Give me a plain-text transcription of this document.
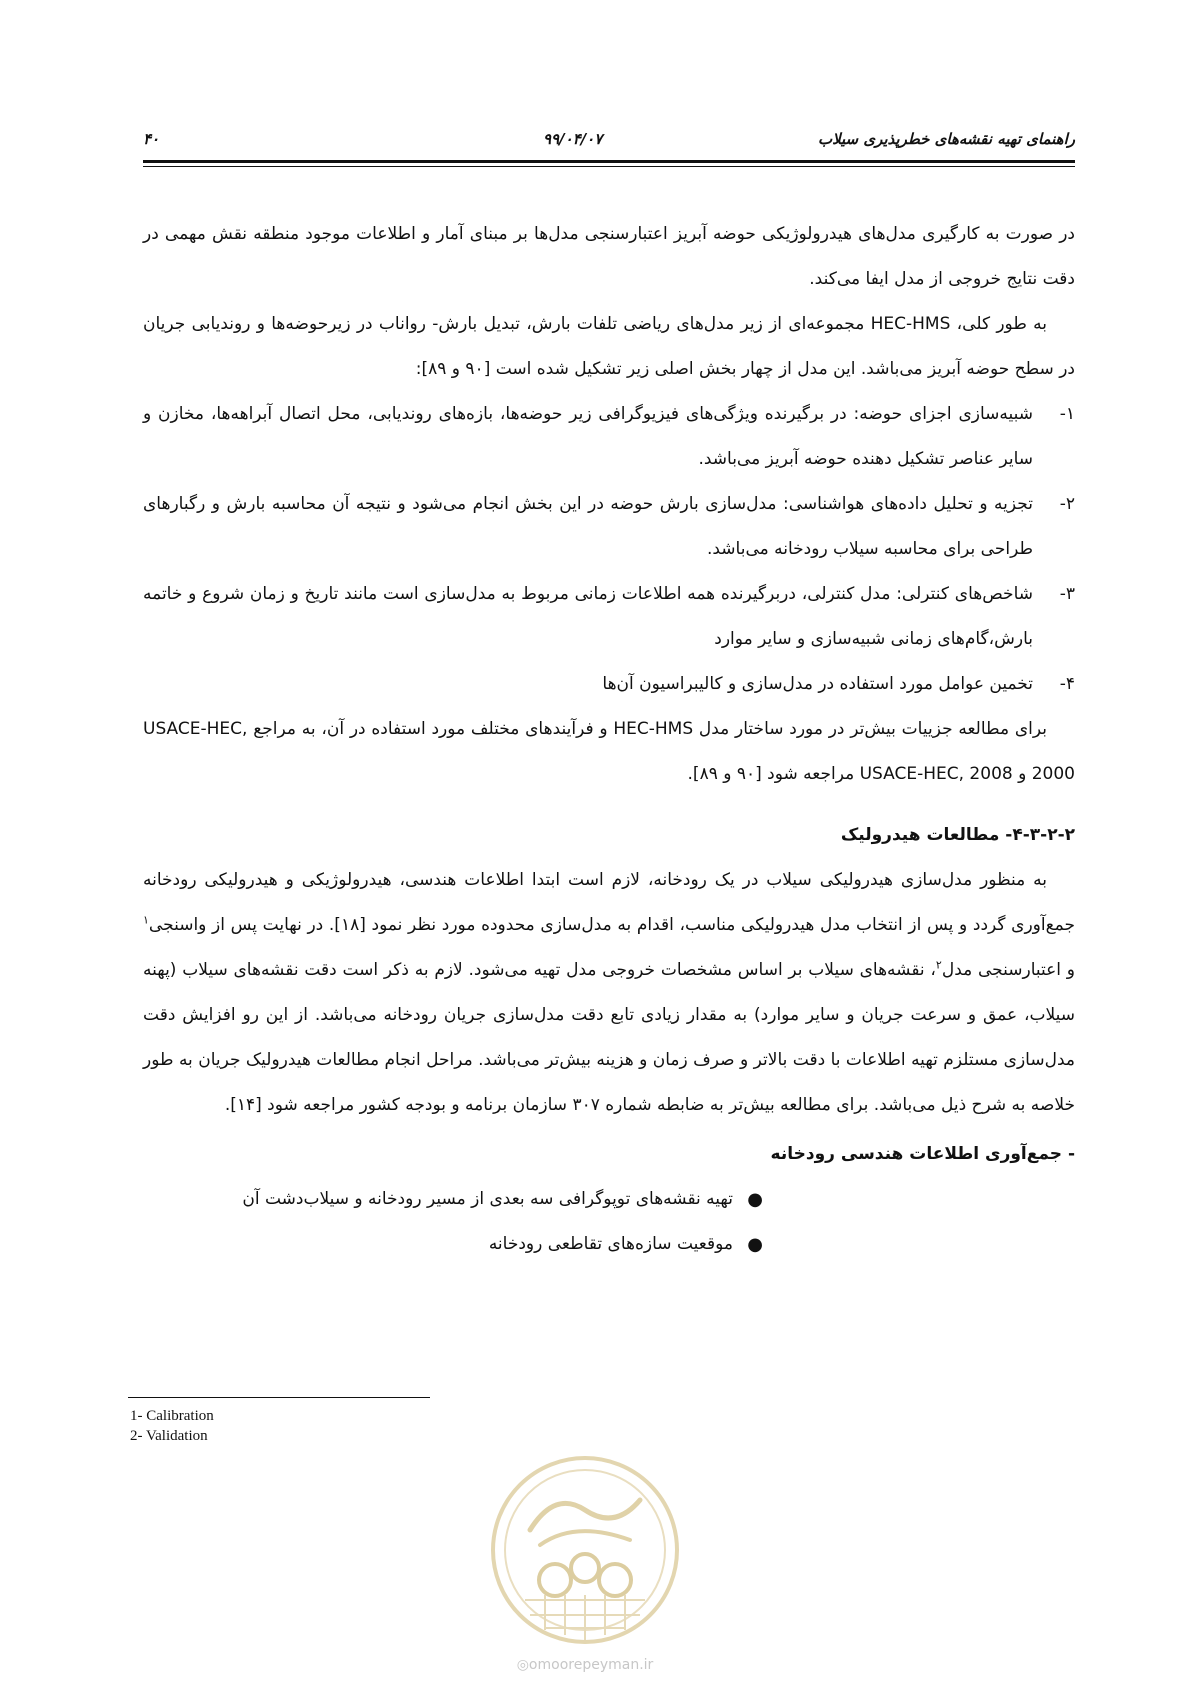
راهنمای تهیه نقشه‌های خطرپذیری سیلاب
۹۹/۰۴/۰۷
۴۰

در صورت به کارگیری مدل‌های هیدرولوژیکی حوضه آبریز اعتبارسنجی مدل‌ها بر مبنای آمار و اطلاعات موجود منطقه نقش مهمی در دقت نتایج خروجی از مدل ایفا می‌کند.

به طور کلی، HEC-HMS مجموعه‌ای از زیر مدل‌های ریاضی تلفات بارش، تبدیل بارش- رواناب در زیرحوضه‌ها و روندیابی جریان در سطح حوضه آبریز می‌باشد. این مدل از چهار بخش اصلی زیر تشکیل شده است [۹۰ و ۸۹]:

۱-
شبیه‌سازی اجزای حوضه: در برگیرنده ویژگی‌های فیزیوگرافی زیر حوضه‌ها، بازه‌های روندیابی، محل اتصال آبراهه‌ها، مخازن و سایر عناصر تشکیل دهنده حوضه آبریز می‌باشد.

۲-
تجزیه و تحلیل داده‌های هواشناسی: مدل‌سازی بارش حوضه در این بخش انجام می‌شود و نتیجه آن محاسبه بارش و رگبارهای طراحی برای محاسبه سیلاب رودخانه می‌باشد.

۳-
شاخص‌های کنترلی: مدل کنترلی، دربرگیرنده همه اطلاعات زمانی مربوط به مدل‌سازی است مانند تاریخ و زمان شروع و خاتمه بارش،گام‌های زمانی شبیه‌سازی و سایر موارد

۴-
تخمین عوامل مورد استفاده در مدل‌سازی و کالیبراسیون آن‌ها

برای مطالعه جزییات بیش‌تر در مورد ساختار مدل HEC-HMS و فرآیندهای مختلف مورد استفاده در آن، به مراجع USACE-HEC, 2000 و USACE-HEC, 2008 مراجعه شود [۹۰ و ۸۹].

۴-۳-۲-۲- مطالعات هیدرولیک

به منظور مدل‌سازی هیدرولیکی سیلاب در یک رودخانه، لازم است ابتدا اطلاعات هندسی، هیدرولوژیکی و هیدرولیکی رودخانه جمع‌آوری گردد و پس از انتخاب مدل هیدرولیکی مناسب، اقدام به مدل‌سازی محدوده مورد نظر نمود [۱۸]. در نهایت پس از واسنجی$^۱$ و اعتبارسنجی مدل$^۲$، نقشه‌های سیلاب بر اساس مشخصات خروجی مدل تهیه می‌شود. لازم به ذکر است دقت نقشه‌های سیلاب (پهنه سیلاب، عمق و سرعت جریان و سایر موارد) به مقدار زیادی تابع دقت مدل‌سازی جریان رودخانه می‌باشد. از این رو افزایش دقت مدل‌سازی مستلزم تهیه اطلاعات با دقت بالاتر و صرف زمان و هزینه بیش‌تر می‌باشد. مراحل انجام مطالعات هیدرولیک جریان به طور خلاصه به شرح ذیل می‌باشد. برای مطالعه بیش‌تر به ضابطه شماره ۳۰۷ سازمان برنامه و بودجه کشور مراجعه شود [۱۴].

- جمع‌آوری اطلاعات هندسی رودخانه

●
تهیه نقشه‌های توپوگرافی سه بعدی از مسیر رودخانه و سیلاب‌دشت آن
●
موقعیت سازه‌های تقاطعی رودخانه
1- Calibration
2- Validation
◎omoorepeyman.ir
